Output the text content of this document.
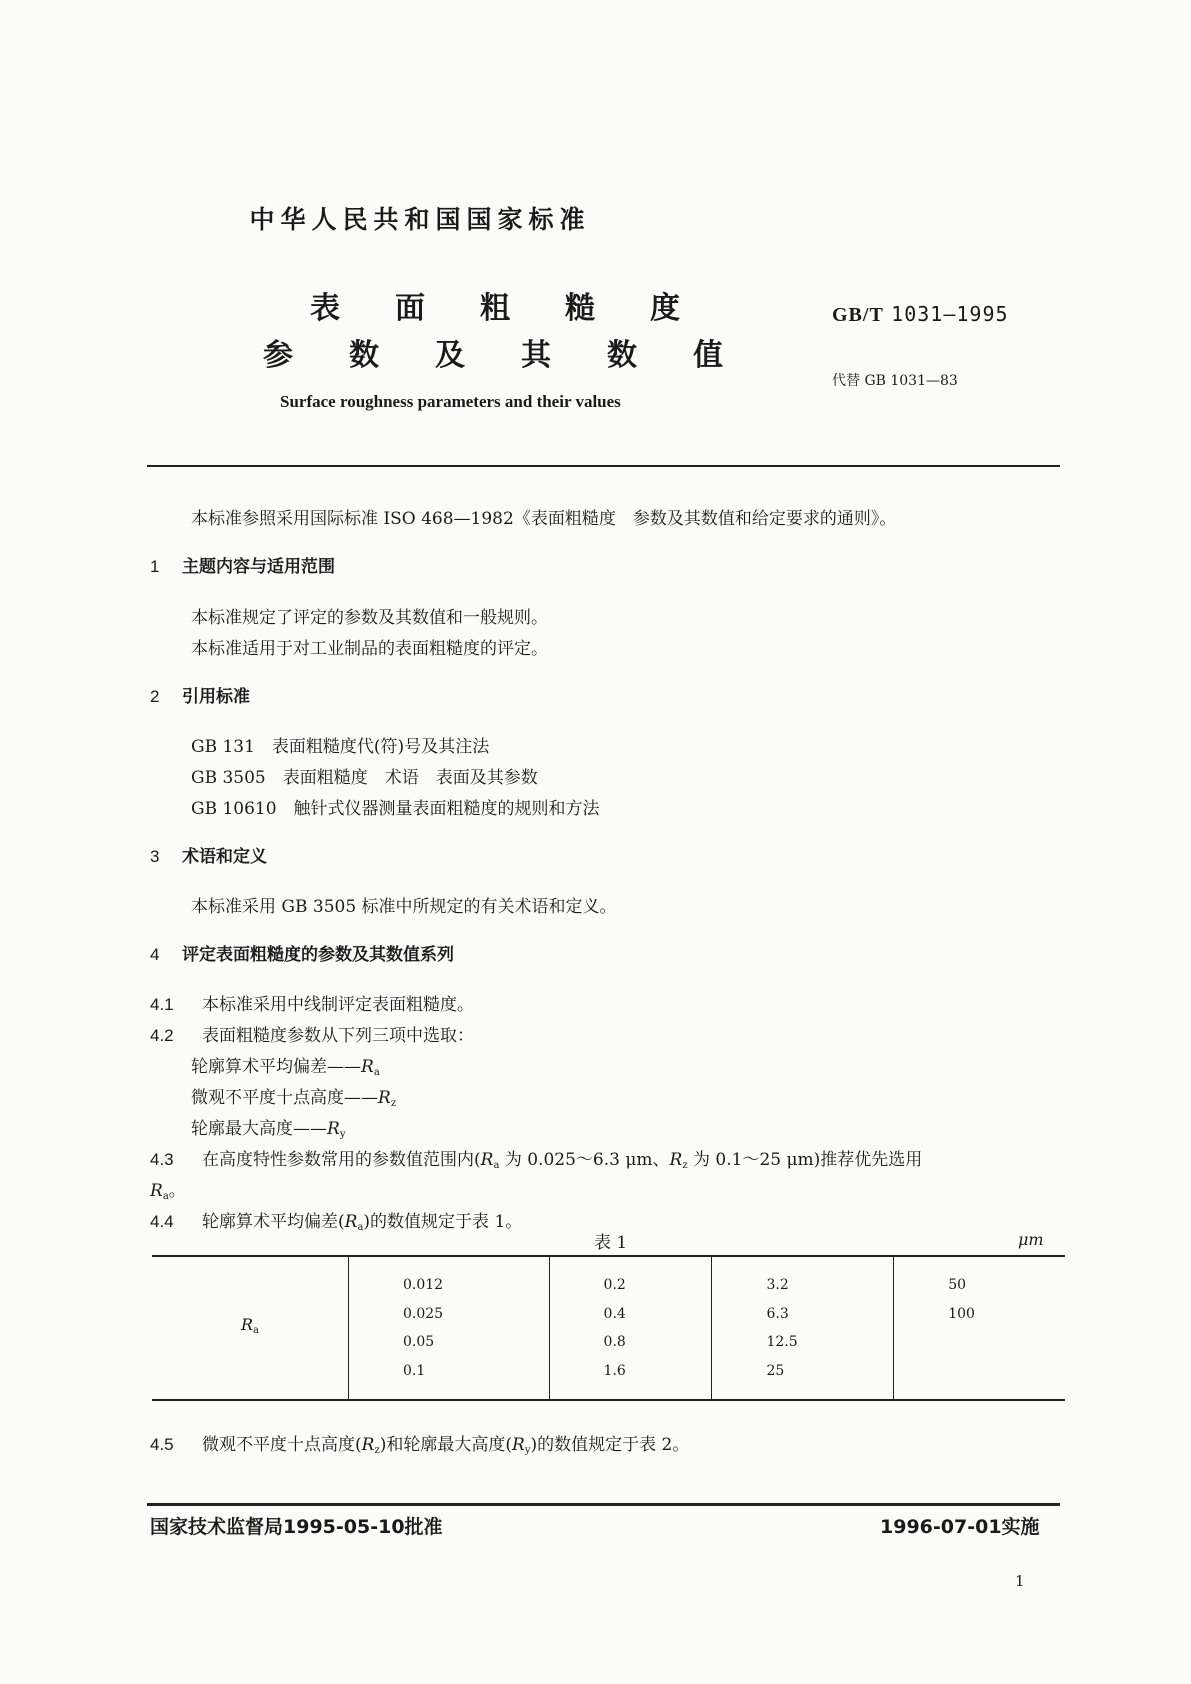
中华人民共和国国家标准
表 面 粗 糙 度
参 数 及 其 数 值
GB/T 1031—1995
代替 GB 1031—83
Surface roughness parameters and their values
本标准参照采用国际标准 ISO 468—1982《表面粗糙度　参数及其数值和给定要求的通则》。
1 主题内容与适用范围
本标准规定了评定的参数及其数值和一般规则。
本标准适用于对工业制品的表面粗糙度的评定。
2 引用标准
GB 131　表面粗糙度代(符)号及其注法
GB 3505　表面粗糙度　术语　表面及其参数
GB 10610　触针式仪器测量表面粗糙度的规则和方法
3 术语和定义
本标准采用 GB 3505 标准中所规定的有关术语和定义。
4 评定表面粗糙度的参数及其数值系列
4.1 本标准采用中线制评定表面粗糙度。
4.2 表面粗糙度参数从下列三项中选取：
轮廓算术平均偏差——Ra
微观不平度十点高度——Rz
轮廓最大高度——Ry
4.3 在高度特性参数常用的参数值范围内(Ra 为 0.025～6.3 μm、Rz 为 0.1～25 μm)推荐优先选用
Ra。
4.4 轮廓算术平均偏差(Ra)的数值规定于表 1。
表 1	μm
Ra	
0.012
0.025
0.05
0.1

0.2
0.4
0.8
1.6

3.2
6.3
12.5
25

50
100
4.5 微观不平度十点高度(Rz)和轮廓最大高度(Ry)的数值规定于表 2。
国家技术监督局1995-05-10批准	1996-07-01实施
1
